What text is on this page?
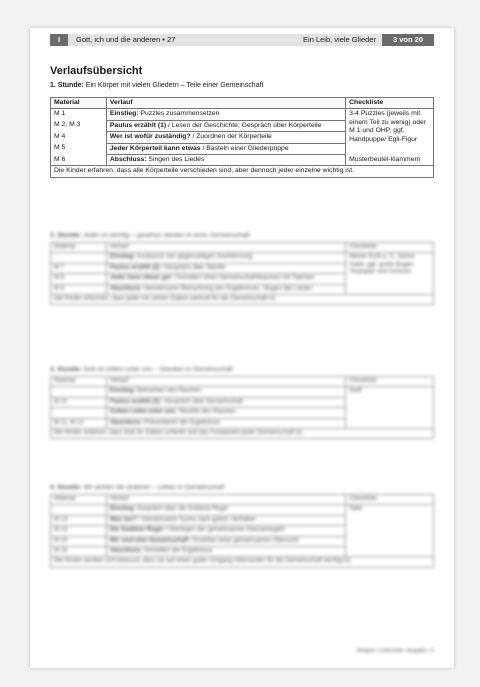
I	Gott, ich und die anderen • 27	Ein Leib, viele Glieder	3 von 20
Verlaufsübersicht
1. Stunde: Ein Körper mit vielen Gliedern – Teile einer Gemeinschaft
Material	Verlauf	Checkliste
M 1	Einstieg: Puzzles zusammensetzen	3-4 Puzzles (jeweils mit einem Teil zu wenig) oder M 1 und OHP, ggf. Handpuppe/ Egli-Figur
M 2, M 3	Paulus erzählt (1) / Lesen der Geschichte; Gespräch über Körperteile	
M 4	Wer ist wofür zuständig? / Zuordnen der Körperteile	
M 5	Jeder Körperteil kann etwas / Basteln einer Gliederpuppe	
M 6	Abschluss: Singen des Liedes	Musterbeutel-klammern
Die Kinder erfahren, dass alle Körperteile verschieden sind, aber dennoch jeder einzelne wichtig ist.		
2. Stunde: Jeder ist wichtig – gesehen werden in einer Gemeinschaft
Material	Verlauf	Checkliste
	Einstieg: Austausch von gegenseitigen Anerkennung	kleiner Korb o. Ä., kleine Gabe; ggf. große Bogen Tonpapier und Scheren
M 7	Paulus erzählt (2) / Gespräch über Talente	
M 8	Jeder kann etwas gut / Gestalten eines Gemeinschaftsbaumes mit Talenten	
M 9	Abschluss: Gemeinsame Betrachtung des Ergebnisses; Singen des Liedes	
Die Kinder erkennen, dass jeder mit seinen Gaben wertvoll für die Gemeinschaft ist.		
3. Stunde: Gott ist mitten unter uns – Glauben in Gemeinschaft
Material	Verlauf	Checkliste
	Einstieg: Betrachten des Raumes	Stoff
M 10	Paulus erzählt (3) / Gespräch über Gemeinschaft	
	Gottes Liebe unter uns / Basteln des Raumes	
M 11, M 12	Abschluss: Präsentieren der Ergebnisse	
Die Kinder erfahren, dass Gott ihr Gaben schenkt und das Fundament jeder Gemeinschaft ist.		
4. Stunde: Wir achten die anderen – Leben in Gemeinschaft
Material	Verlauf	Checkliste
	Einstieg: Gespräch über die Goldene Regel	Tafel
M 13	Was tun? / Gemeinsame Suche nach gutem Verhalten	
M 14	Die Goldene Regel / Überlegen der gemeinsamen Klassenregeln	
M 15	Wir sind eine Gemeinschaft / Erstellen einer gemeinsamen Übersicht	
M 16	Abschluss: Vorstellen der Ergebnisse	
Die Kinder werden sich bewusst, dass sie auf einen guten Umgang miteinander für die Gemeinschaft wichtig ist.		
Religion • Unterstufe • Ausgabe • 5
